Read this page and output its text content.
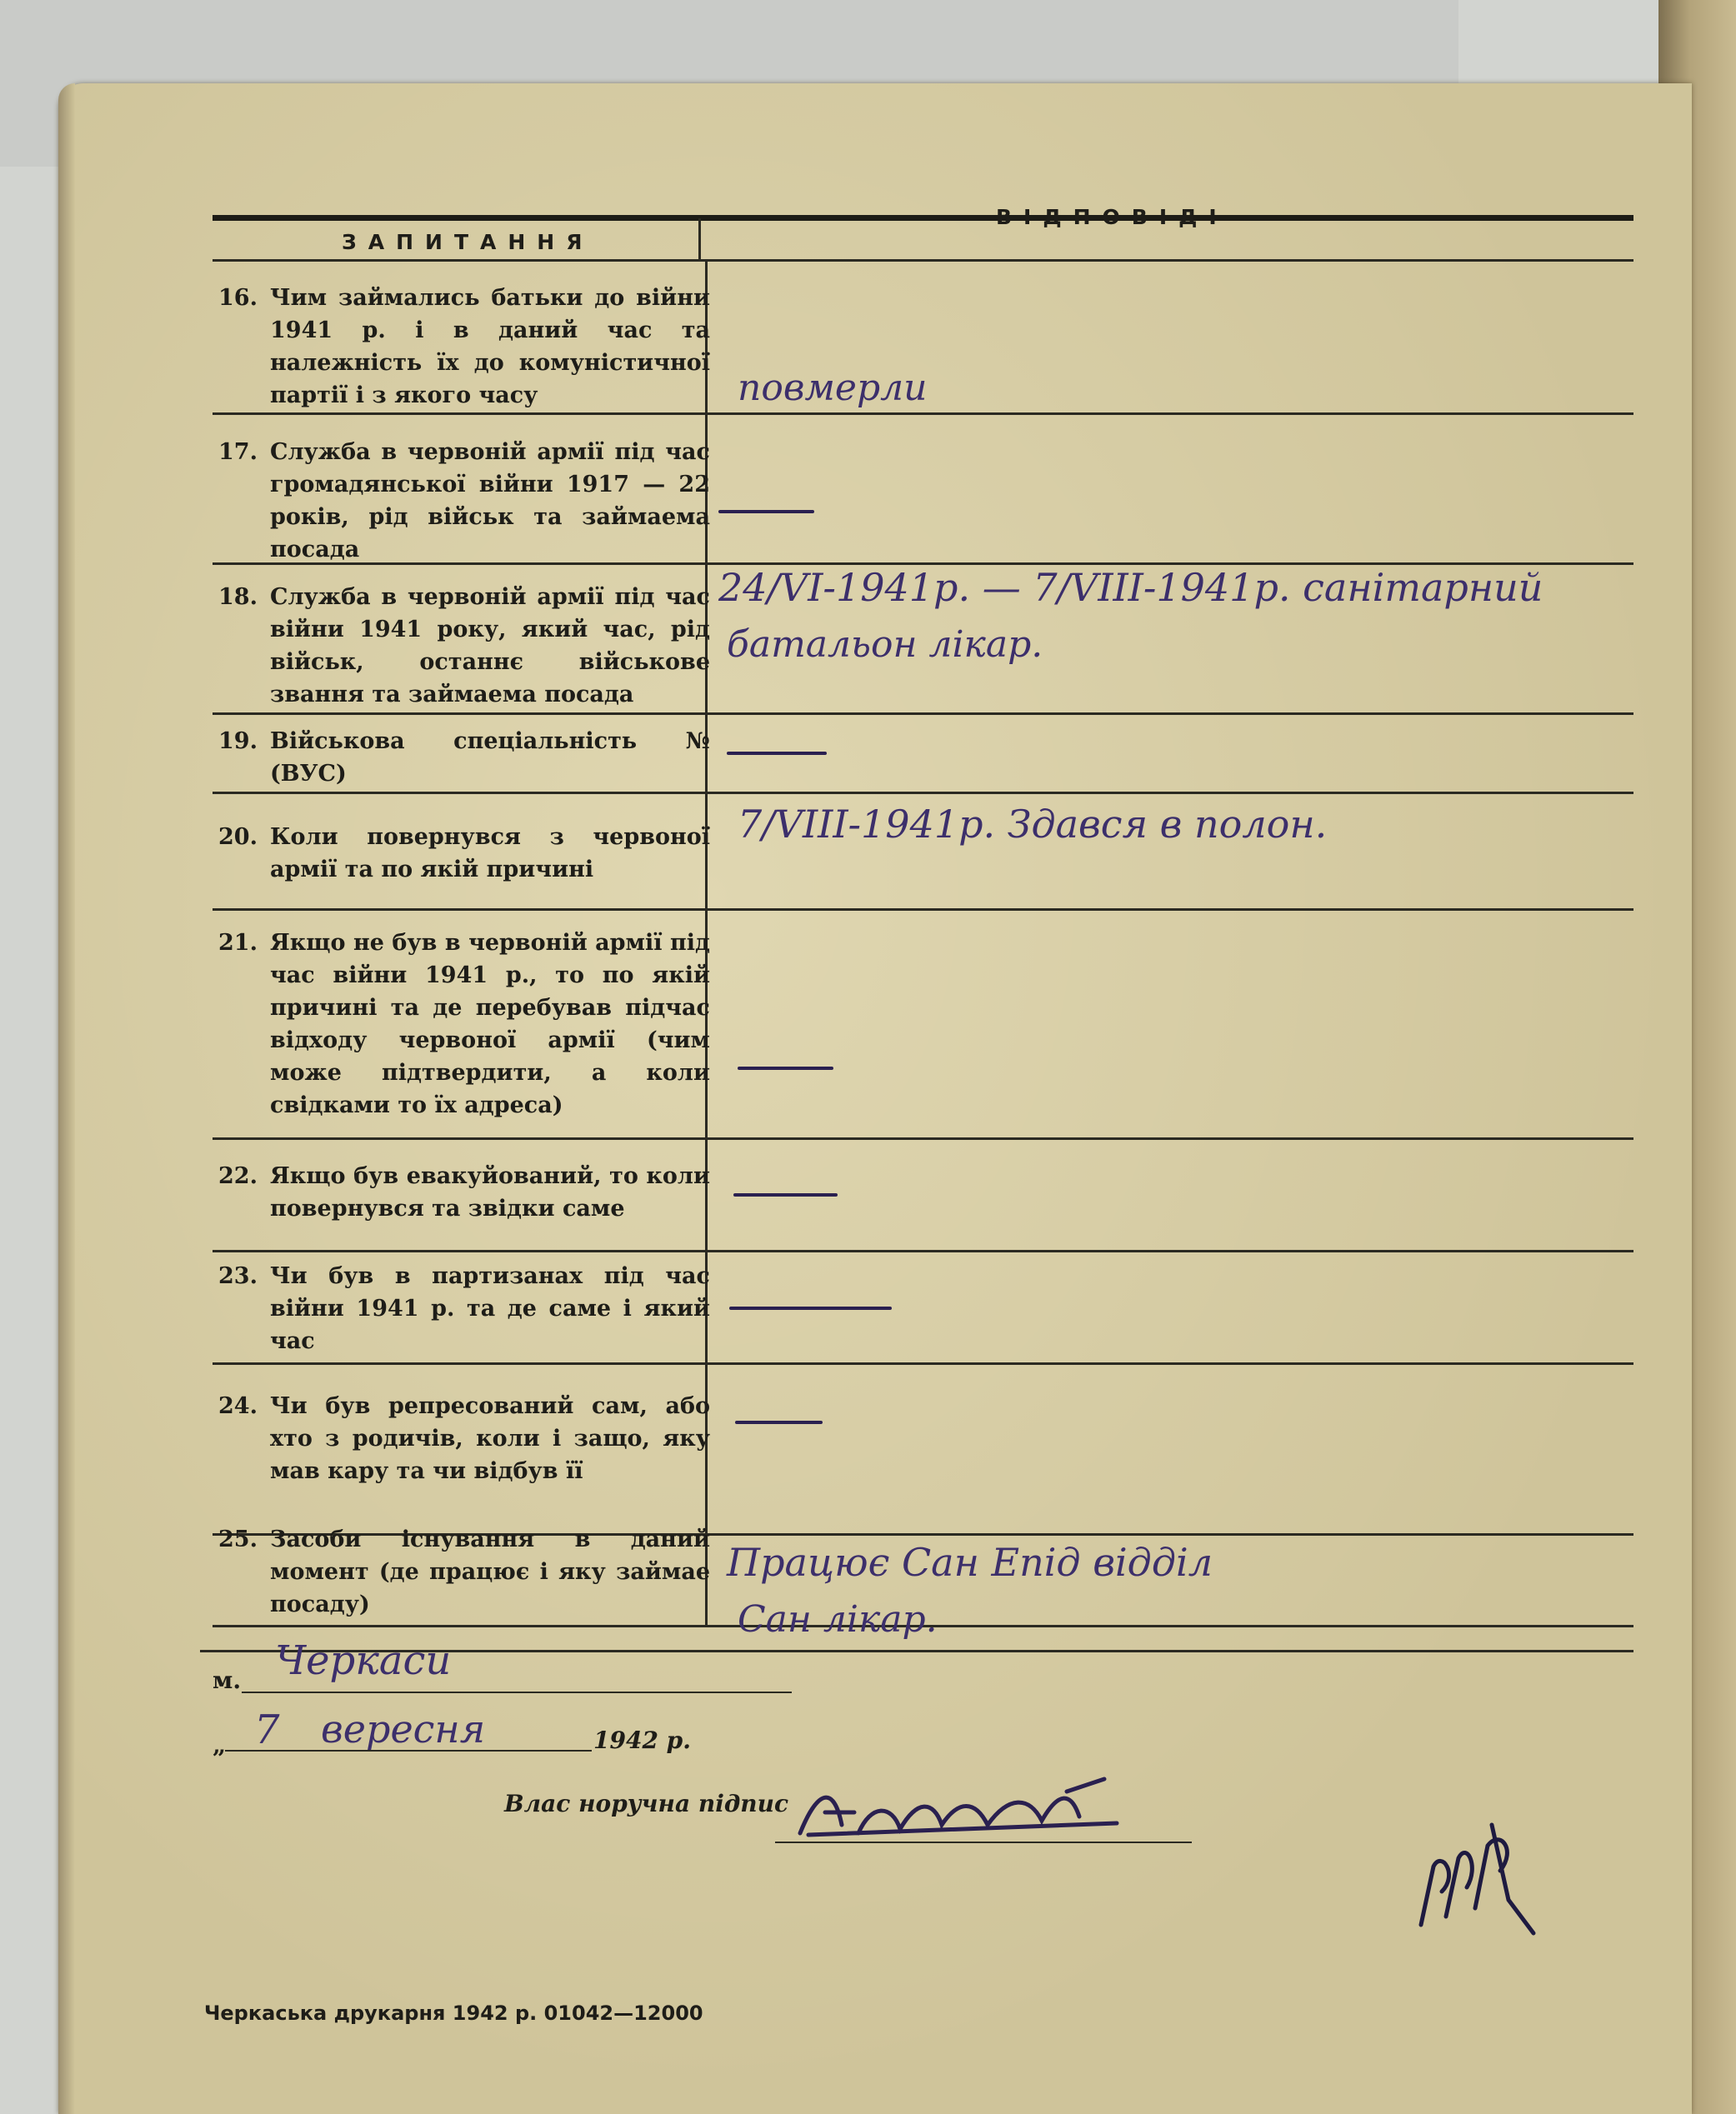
ЗАПИТАННЯ
ВІДПОВІДІ
16. Чим займались батьки до війни 1941 р. і в даний час та належність їх до комуністичної партії і з якого часу	повмерли
17. Служба в червоній армії під час громадянської війни 1917 — 22 років, рід військ та займаема посада
18. Служба в червоній армії під час війни 1941 року, який час, рід військ, останнє військове звання та займаема посада
24/VI-1941р. — 7/VIII-1941р. санітарний
батальон лікар.
19. Військова спеціальність № (ВУС)
20. Коли повернувся з червоної армії та по якій причині
7/VIII-1941р. Здався в полон.
21. Якщо не був в червоній армії під час війни 1941 р., то по якій причині та де перебував підчас відходу червоної армії (чим може підтвердити, а коли свідками то їх адреса)
22. Якщо був евакуйований, то коли повернувся та звідки саме
23. Чи був в партизанах під час війни 1941 р. та де саме і який час
24. Чи був репресований сам, або хто з родичів, коли і защо, яку мав кару та чи відбув її
25. Засоби існування в даний момент (де працює і яку займае посаду)
Працює Сан Епід відділ
Сан лікар.
м. Черкаси
„ 7 вересня	1942 р.
Влас норучна підпис
Черкаська друкарня 1942 р. 01042—12000
